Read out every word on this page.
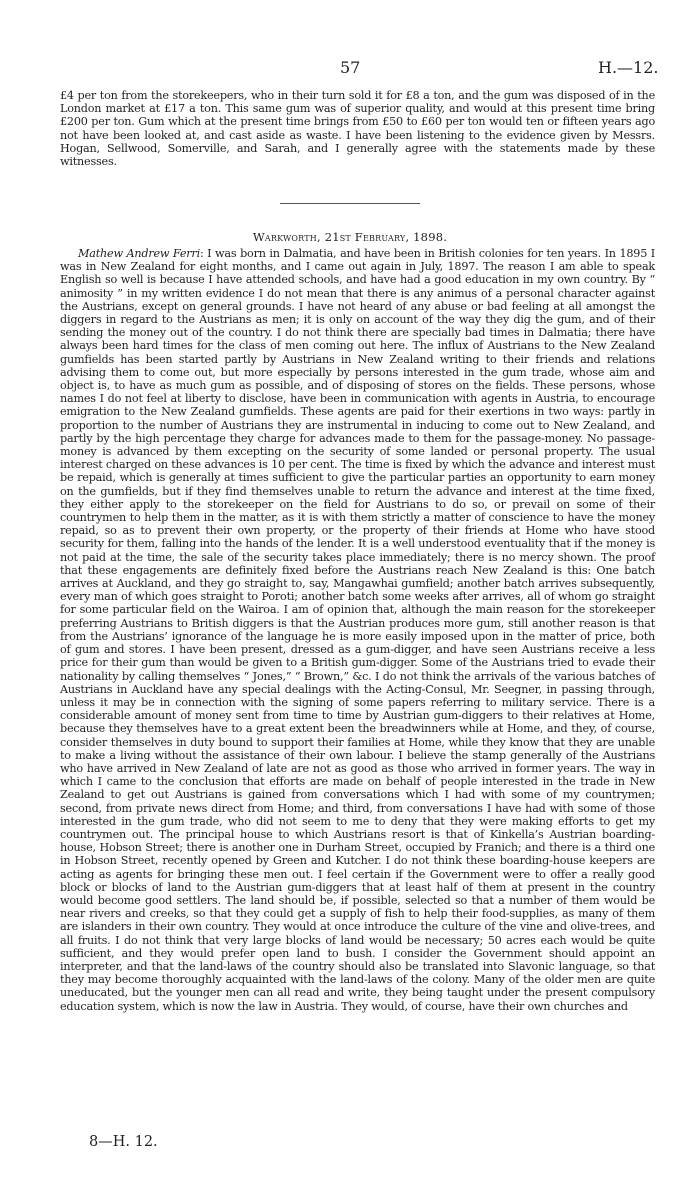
57	H.—12.

£4 per ton from the storekeepers, who in their turn sold it for £8 a ton, and the gum was disposed of in the London market at £17 a ton. This same gum was of superior quality, and would at this present time bring £200 per ton. Gum which at the present time brings from £50 to £60 per ton would ten or fifteen years ago not have been looked at, and cast aside as waste. I have been listening to the evidence given by Messrs. Hogan, Sellwood, Somerville, and Sarah, and I generally agree with the statements made by these witnesses.

Warkworth, 21st February, 1898.

Mathew Andrew Ferri: I was born in Dalmatia, and have been in British colonies for ten years. In 1895 I was in New Zealand for eight months, and I came out again in July, 1897. The reason I am able to speak English so well is because I have attended schools, and have had a good education in my own country. By “ animosity ” in my written evidence I do not mean that there is any animus of a personal character against the Austrians, except on general grounds. I have not heard of any abuse or bad feeling at all amongst the diggers in regard to the Austrians as men; it is only on account of the way they dig the gum, and of their sending the money out of the country. I do not think there are specially bad times in Dalmatia; there have always been hard times for the class of men coming out here. The influx of Austrians to the New Zealand gumfields has been started partly by Austrians in New Zealand writing to their friends and relations advising them to come out, but more especially by persons interested in the gum trade, whose aim and object is, to have as much gum as possible, and of disposing of stores on the fields. These persons, whose names I do not feel at liberty to disclose, have been in communication with agents in Austria, to encourage emigration to the New Zealand gumfields. These agents are paid for their exertions in two ways: partly in proportion to the number of Austrians they are instrumental in inducing to come out to New Zealand, and partly by the high percentage they charge for advances made to them for the passage-money. No passage-money is advanced by them excepting on the security of some landed or personal property. The usual interest charged on these advances is 10 per cent. The time is fixed by which the advance and interest must be repaid, which is generally at times sufficient to give the particular parties an opportunity to earn money on the gumfields, but if they find themselves unable to return the advance and interest at the time fixed, they either apply to the storekeeper on the field for Austrians to do so, or prevail on some of their countrymen to help them in the matter, as it is with them strictly a matter of conscience to have the money repaid, so as to prevent their own property, or the property of their friends at Home who have stood security for them, falling into the hands of the lender. It is a well understood eventuality that if the money is not paid at the time, the sale of the security takes place immediately; there is no mercy shown. The proof that these engagements are definitely fixed before the Austrians reach New Zealand is this: One batch arrives at Auckland, and they go straight to, say, Mangawhai gumfield; another batch arrives subsequently, every man of which goes straight to Poroti; another batch some weeks after arrives, all of whom go straight for some particular field on the Wairoa. I am of opinion that, although the main reason for the storekeeper preferring Austrians to British diggers is that the Austrian produces more gum, still another reason is that from the Austrians’ ignorance of the language he is more easily imposed upon in the matter of price, both of gum and stores. I have been present, dressed as a gum-digger, and have seen Austrians receive a less price for their gum than would be given to a British gum-digger. Some of the Austrians tried to evade their nationality by calling themselves “ Jones,” “ Brown,” &c. I do not think the arrivals of the various batches of Austrians in Auckland have any special dealings with the Acting-Consul, Mr. Seegner, in passing through, unless it may be in connection with the signing of some papers referring to military service. There is a considerable amount of money sent from time to time by Austrian gum-diggers to their relatives at Home, because they themselves have to a great extent been the breadwinners while at Home, and they, of course, consider themselves in duty bound to support their families at Home, while they know that they are unable to make a living without the assistance of their own labour. I believe the stamp generally of the Austrians who have arrived in New Zealand of late are not as good as those who arrived in former years. The way in which I came to the conclusion that efforts are made on behalf of people interested in the trade in New Zealand to get out Austrians is gained from conversations which I had with some of my countrymen; second, from private news direct from Home; and third, from conversations I have had with some of those interested in the gum trade, who did not seem to me to deny that they were making efforts to get my countrymen out. The principal house to which Austrians resort is that of Kinkella’s Austrian boarding-house, Hobson Street; there is another one in Durham Street, occupied by Franich; and there is a third one in Hobson Street, recently opened by Green and Kutcher. I do not think these boarding-house keepers are acting as agents for bringing these men out. I feel certain if the Government were to offer a really good block or blocks of land to the Austrian gum-diggers that at least half of them at present in the country would become good settlers. The land should be, if possible, selected so that a number of them would be near rivers and creeks, so that they could get a supply of fish to help their food-supplies, as many of them are islanders in their own country. They would at once introduce the culture of the vine and olive-trees, and all fruits. I do not think that very large blocks of land would be necessary; 50 acres each would be quite sufficient, and they would prefer open land to bush. I consider the Government should appoint an interpreter, and that the land-laws of the country should also be translated into Slavonic language, so that they may become thoroughly acquainted with the land-laws of the colony. Many of the older men are quite uneducated, but the younger men can all read and write, they being taught under the present compulsory education system, which is now the law in Austria. They would, of course, have their own churches and

8—H. 12.
